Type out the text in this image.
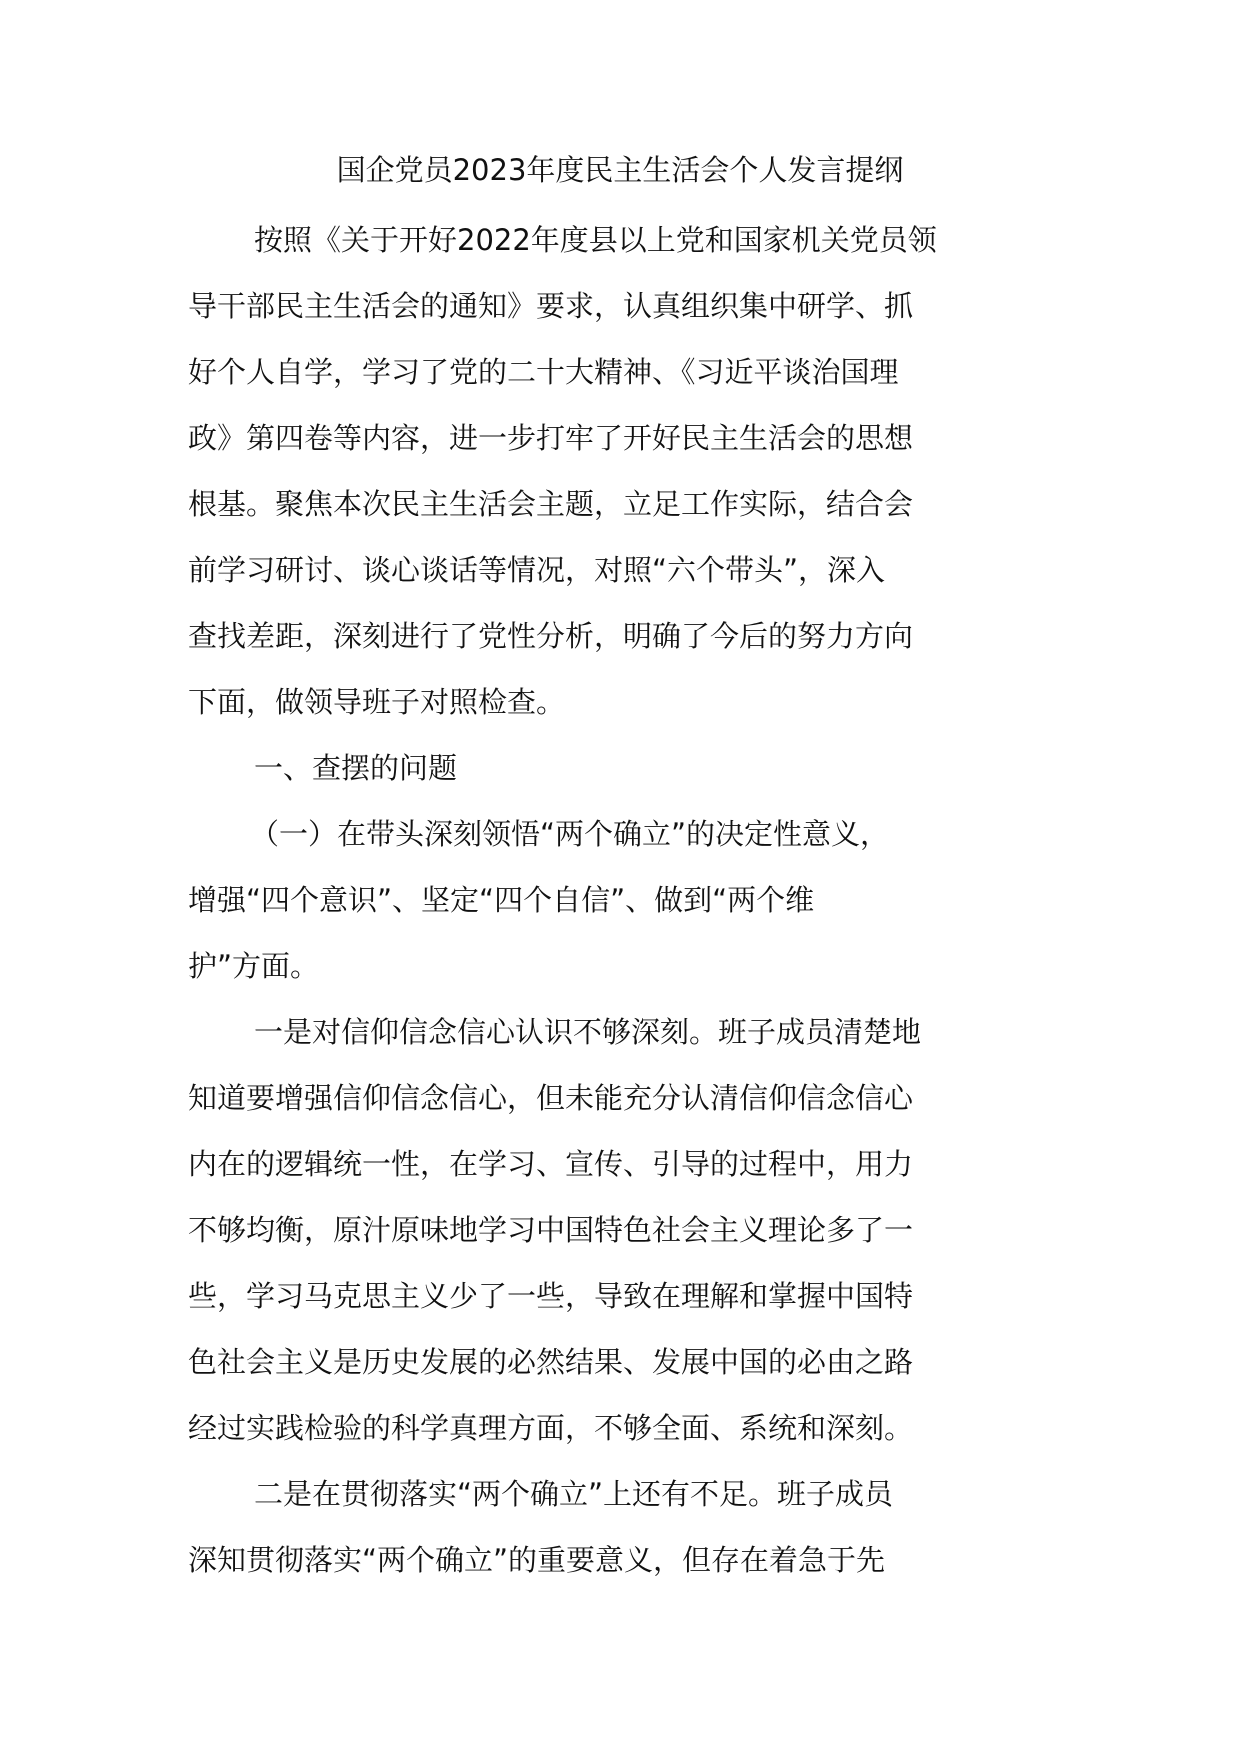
国企党员2023年度民主生活会个人发言提纲
按照《关于开好2022年度县以上党和国家机关党员领
导干部民主生活会的通知》要求，认真组织集中研学、抓
好个人自学，学习了党的二十大精神、《习近平谈治国理
政》第四卷等内容，进一步打牢了开好民主生活会的思想
根基。聚焦本次民主生活会主题，立足工作实际，结合会
前学习研讨、谈心谈话等情况，对照“六个带头”，深入
查找差距，深刻进行了党性分析，明确了今后的努力方向
下面，做领导班子对照检查。
一、查摆的问题
（一）在带头深刻领悟“两个确立”的决定性意义，
增强“四个意识”、坚定“四个自信”、做到“两个维
护”方面。
一是对信仰信念信心认识不够深刻。班子成员清楚地
知道要增强信仰信念信心，但未能充分认清信仰信念信心
内在的逻辑统一性，在学习、宣传、引导的过程中，用力
不够均衡，原汁原味地学习中国特色社会主义理论多了一
些，学习马克思主义少了一些，导致在理解和掌握中国特
色社会主义是历史发展的必然结果、发展中国的必由之路
经过实践检验的科学真理方面，不够全面、系统和深刻。
二是在贯彻落实“两个确立”上还有不足。班子成员
深知贯彻落实“两个确立”的重要意义，但存在着急于先
